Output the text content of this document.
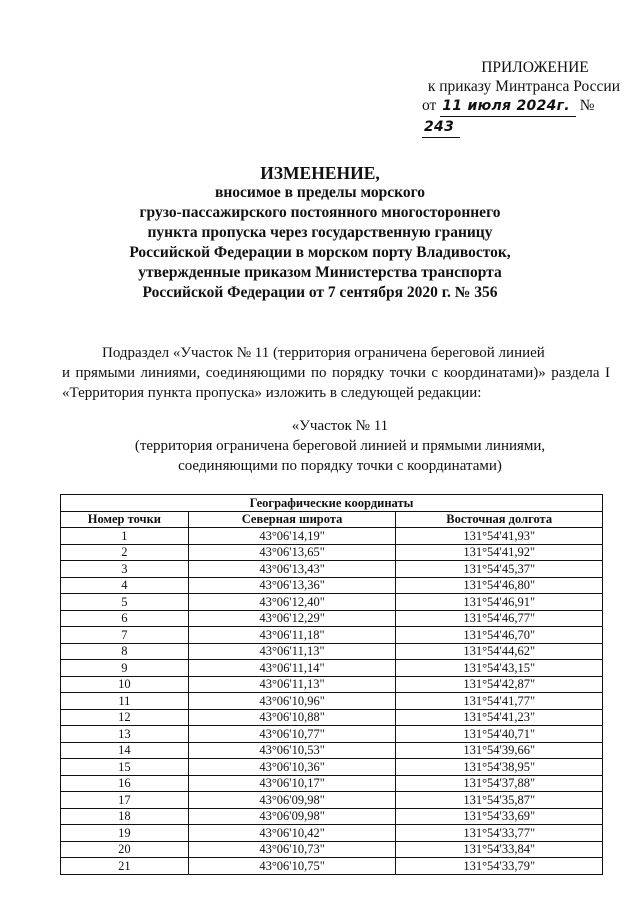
ПРИЛОЖЕНИЕ
к приказу Минтранса России
от 11 июля 2024г. № 243
ИЗМЕНЕНИЕ,
вносимое в пределы морского
грузо-пассажирского постоянного многостороннего
пункта пропуска через государственную границу
Российской Федерации в морском порту Владивосток,
утвержденные приказом Министерства транспорта
Российской Федерации от 7 сентября 2020 г. № 356
Подраздел «Участок № 11 (территория ограничена береговой линией
и прямыми линиями, соединяющими по порядку точки с координатами)» раздела I «Территория пункта пропуска» изложить в следующей редакции:
«Участок № 11
(территория ограничена береговой линией и прямыми линиями,
соединяющими по порядку точки с координатами)
Географические координаты		
Номер точки	Северная широта	Восточная долгота
1	43°06'14,19"	131°54'41,93"
2	43°06'13,65"	131°54'41,92"
3	43°06'13,43"	131°54'45,37"
4	43°06'13,36"	131°54'46,80"
5	43°06'12,40"	131°54'46,91"
6	43°06'12,29"	131°54'46,77"
7	43°06'11,18"	131°54'46,70"
8	43°06'11,13"	131°54'44,62"
9	43°06'11,14"	131°54'43,15"
10	43°06'11,13"	131°54'42,87"
11	43°06'10,96"	131°54'41,77"
12	43°06'10,88"	131°54'41,23"
13	43°06'10,77"	131°54'40,71"
14	43°06'10,53"	131°54'39,66"
15	43°06'10,36"	131°54'38,95"
16	43°06'10,17"	131°54'37,88"
17	43°06'09,98"	131°54'35,87"
18	43°06'09,98"	131°54'33,69"
19	43°06'10,42"	131°54'33,77"
20	43°06'10,73"	131°54'33,84"
21	43°06'10,75"	131°54'33,79"
